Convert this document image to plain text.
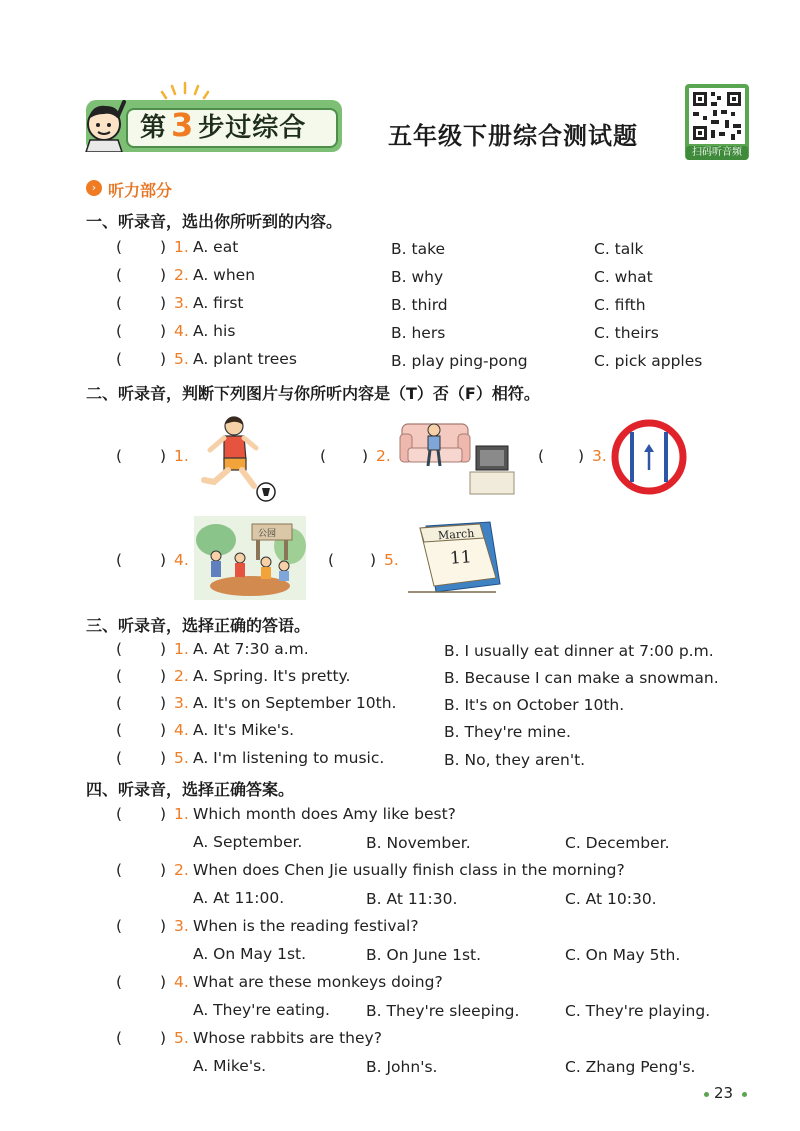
第 3 步过综合	五年级下册综合测试题
扫码听音频
› 听力部分
一、听录音，选出你所听到的内容。
( ) 1. A. eat	B. take	C. talk
( ) 2. A. when	B. why	C. what
( ) 3. A. first	B. third	C. fifth
( ) 4. A. his	B. hers	C. theirs
( ) 5. A. plant trees	B. play ping-pong	C. pick apples
二、听录音，判断下列图片与你所听内容是（T）否（F）相符。
( ) 1.	( ) 2.	( ) 3.
( ) 4.
公园
( ) 5.
March
11
三、听录音，选择正确的答语。
( ) 1. A. At 7:30 a.m.	B. I usually eat dinner at 7:00 p.m.
( ) 2. A. Spring. It's pretty.	B. Because I can make a snowman.
( ) 3. A. It's on September 10th.	B. It's on October 10th.
( ) 4. A. It's Mike's.	B. They're mine.
( ) 5. A. I'm listening to music.	B. No, they aren't.
四、听录音，选择正确答案。
( ) 1. Which month does Amy like best?
A. September.	B. November.	C. December.
( ) 2. When does Chen Jie usually finish class in the morning?
A. At 11:00.	B. At 11:30.	C. At 10:30.
( ) 3. When is the reading festival?
A. On May 1st.	B. On June 1st.	C. On May 5th.
( ) 4. What are these monkeys doing?
A. They're eating. B. They're sleeping.	C. They're playing.
( ) 5. Whose rabbits are they?
A. Mike's.	B. John's.	C. Zhang Peng's.
23
